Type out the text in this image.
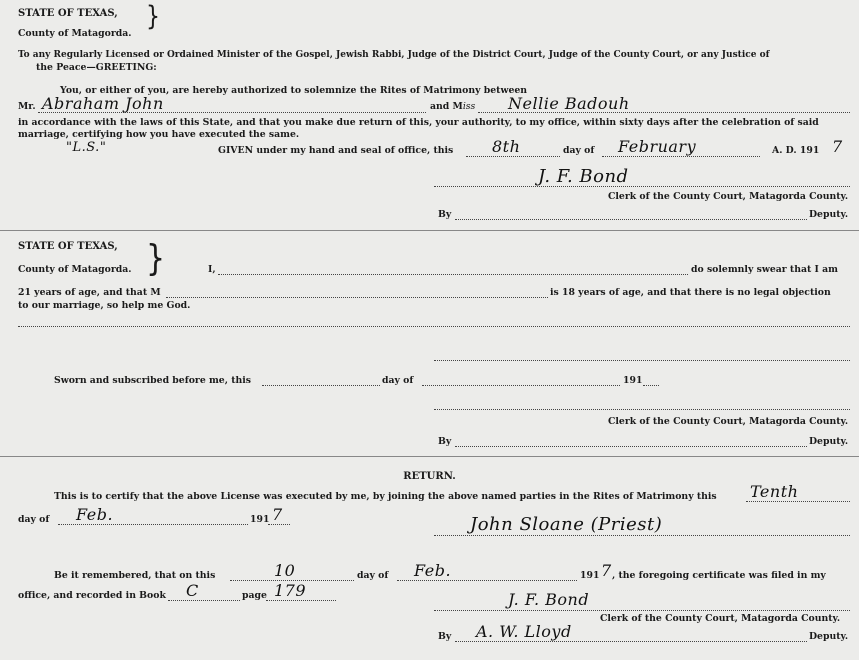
STATE OF TEXAS, }
County of Matagorda.
To any Regularly Licensed or Ordained Minister of the Gospel, Jewish Rabbi, Judge of the District Court, Judge of the County Court, or any Justice of
the Peace—GREETING:
You, or either of you, are hereby authorized to solemnize the Rites of Matrimony between
Mr. Abraham John	and Miss Nellie Badouh
in accordance with the laws of this State, and that you make due return of this, your authority, to my office, within sixty days after the celebration of said
marriage, certifying how you have executed the same.
"L.S."	GIVEN under my hand and seal of office, this 8th	day of February	A. D. 191 7
J. F. Bond
Clerk of the County Court, Matagorda County.
By	Deputy.
STATE OF TEXAS, }
County of Matagorda.	I,	do solemnly swear that I am
21 years of age, and that M	is 18 years of age, and that there is no legal objection
to our marriage, so help me God.
Sworn and subscribed before me, this	day of	191
Clerk of the County Court, Matagorda County.
By	Deputy.
RETURN.
This is to certify that the above License was executed by me, by joining the above named parties in the Rites of Matrimony this Tenth
day of Feb.	191 7	John Sloane (Priest)
Be it remembered, that on this	10	day of Feb.	191 7 , the foregoing certificate was filed in my
office, and recorded in Book C	page 179	J. F. Bond
Clerk of the County Court, Matagorda County.
By A. W. Lloyd	Deputy.
